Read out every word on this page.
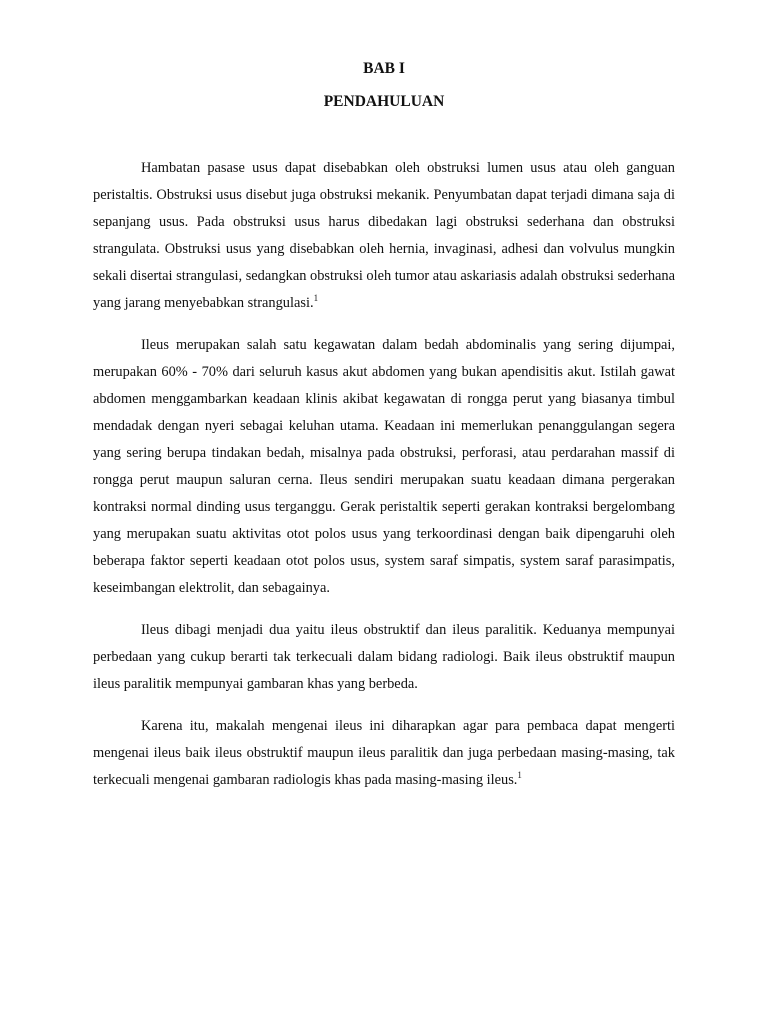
BAB I
PENDAHULUAN

Hambatan pasase usus dapat disebabkan oleh obstruksi lumen usus atau oleh ganguan peristaltis. Obstruksi usus disebut juga obstruksi mekanik. Penyumbatan dapat terjadi dimana saja di sepanjang usus. Pada obstruksi usus harus dibedakan lagi obstruksi sederhana dan obstruksi strangulata. Obstruksi usus yang disebabkan oleh hernia, invaginasi, adhesi dan volvulus mungkin sekali disertai strangulasi, sedangkan obstruksi oleh tumor atau askariasis adalah obstruksi sederhana yang jarang menyebabkan strangulasi.$^1$

Ileus merupakan salah satu kegawatan dalam bedah abdominalis yang sering dijumpai, merupakan 60% - 70% dari seluruh kasus akut abdomen yang bukan apendisitis akut. Istilah gawat abdomen menggambarkan keadaan klinis akibat kegawatan di rongga perut yang biasanya timbul mendadak dengan nyeri sebagai keluhan utama. Keadaan ini memerlukan penanggulangan segera yang sering berupa tindakan bedah, misalnya pada obstruksi, perforasi, atau perdarahan massif di rongga perut maupun saluran cerna. Ileus sendiri merupakan suatu keadaan dimana pergerakan kontraksi normal dinding usus terganggu. Gerak peristaltik seperti gerakan kontraksi bergelombang yang merupakan suatu aktivitas otot polos usus yang terkoordinasi dengan baik dipengaruhi oleh beberapa faktor seperti keadaan otot polos usus, system saraf simpatis, system saraf parasimpatis, keseimbangan elektrolit, dan sebagainya.

Ileus dibagi menjadi dua yaitu ileus obstruktif dan ileus paralitik. Keduanya mempunyai perbedaan yang cukup berarti tak terkecuali dalam bidang radiologi. Baik ileus obstruktif maupun ileus paralitik mempunyai gambaran khas yang berbeda.

Karena itu, makalah mengenai ileus ini diharapkan agar para pembaca dapat mengerti mengenai ileus baik ileus obstruktif maupun ileus paralitik dan juga perbedaan masing-masing, tak terkecuali mengenai gambaran radiologis khas pada masing-masing ileus.$^1$
